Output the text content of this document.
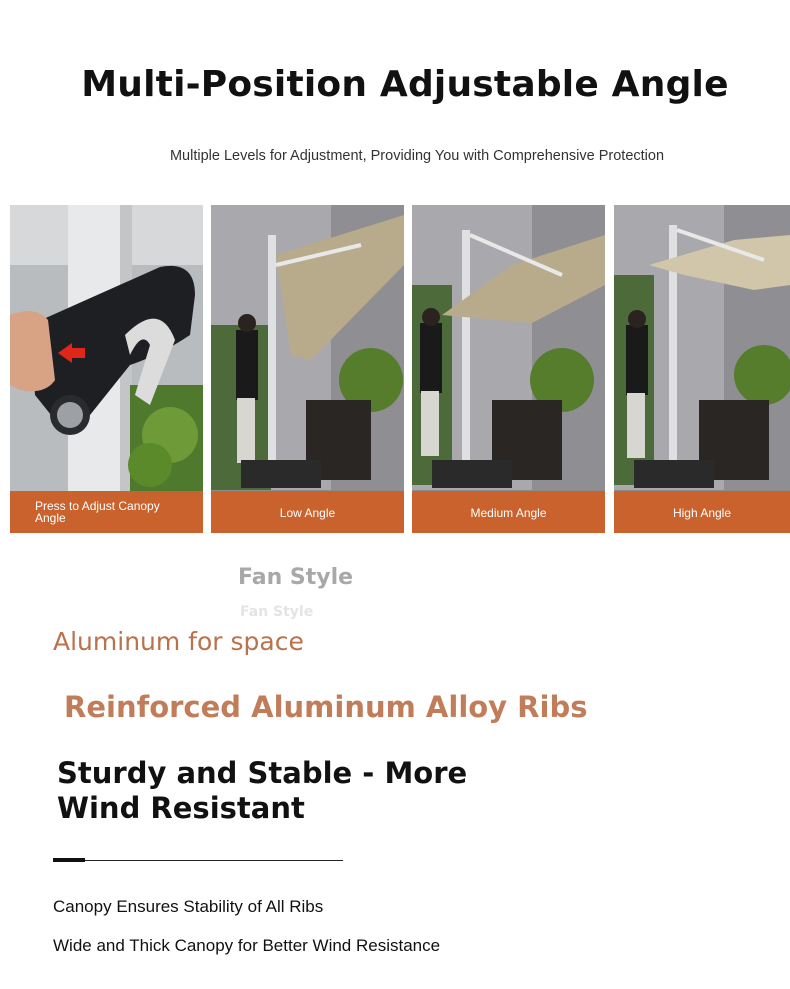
Multi-Position Adjustable Angle
Multiple Levels for Adjustment, Providing You with Comprehensive Protection
Press to Adjust Canopy Angle	Low Angle	Medium Angle	High Angle
Fan Style
Fan Style
Aluminum for space
Reinforced Aluminum Alloy Ribs
Sturdy and Stable - More Wind Resistant
Canopy Ensures Stability of All Ribs
Wide and Thick Canopy for Better Wind Resistance
